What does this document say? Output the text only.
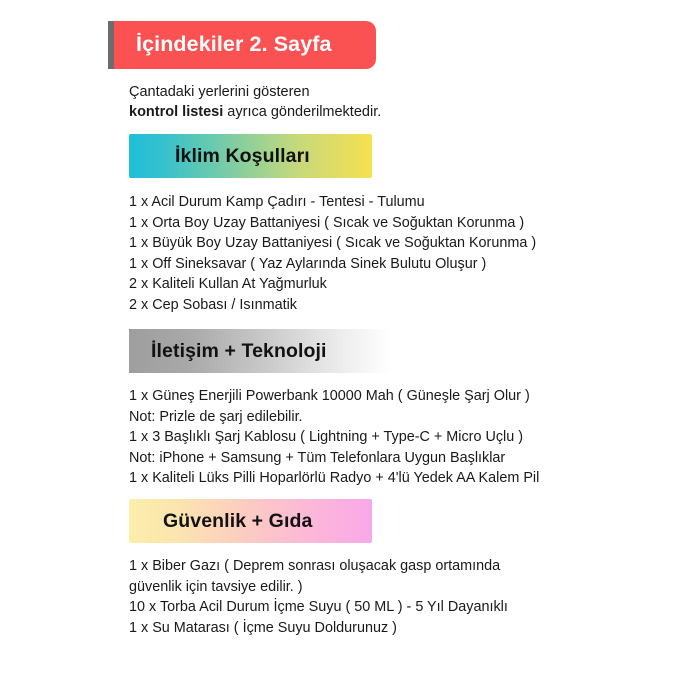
İçindekiler 2. Sayfa
Çantadaki yerlerini gösteren
kontrol listesi ayrıca gönderilmektedir.
İklim Koşulları
1 x Acil Durum Kamp Çadırı - Tentesi - Tulumu
1 x Orta Boy Uzay Battaniyesi ( Sıcak ve Soğuktan Korunma )
1 x Büyük Boy Uzay Battaniyesi ( Sıcak ve Soğuktan Korunma )
1 x Off Sineksavar ( Yaz Aylarında Sinek Bulutu Oluşur )
2 x Kaliteli Kullan At Yağmurluk
2 x Cep Sobası / Isınmatik
İletişim + Teknoloji
1 x Güneş Enerjili Powerbank 10000 Mah ( Güneşle Şarj Olur )
Not: Prizle de şarj edilebilir.
1 x 3 Başlıklı Şarj Kablosu ( Lightning + Type-C + Micro Uçlu )
Not: iPhone + Samsung + Tüm Telefonlara Uygun Başlıklar
1 x Kaliteli Lüks Pilli Hoparlörlü Radyo + 4'lü Yedek AA Kalem Pil
Güvenlik + Gıda
1 x Biber Gazı ( Deprem sonrası oluşacak gasp ortamında güvenlik için tavsiye edilir. )
10 x Torba Acil Durum İçme Suyu ( 50 ML ) - 5 Yıl Dayanıklı
1 x Su Matarası ( İçme Suyu Doldurunuz )
